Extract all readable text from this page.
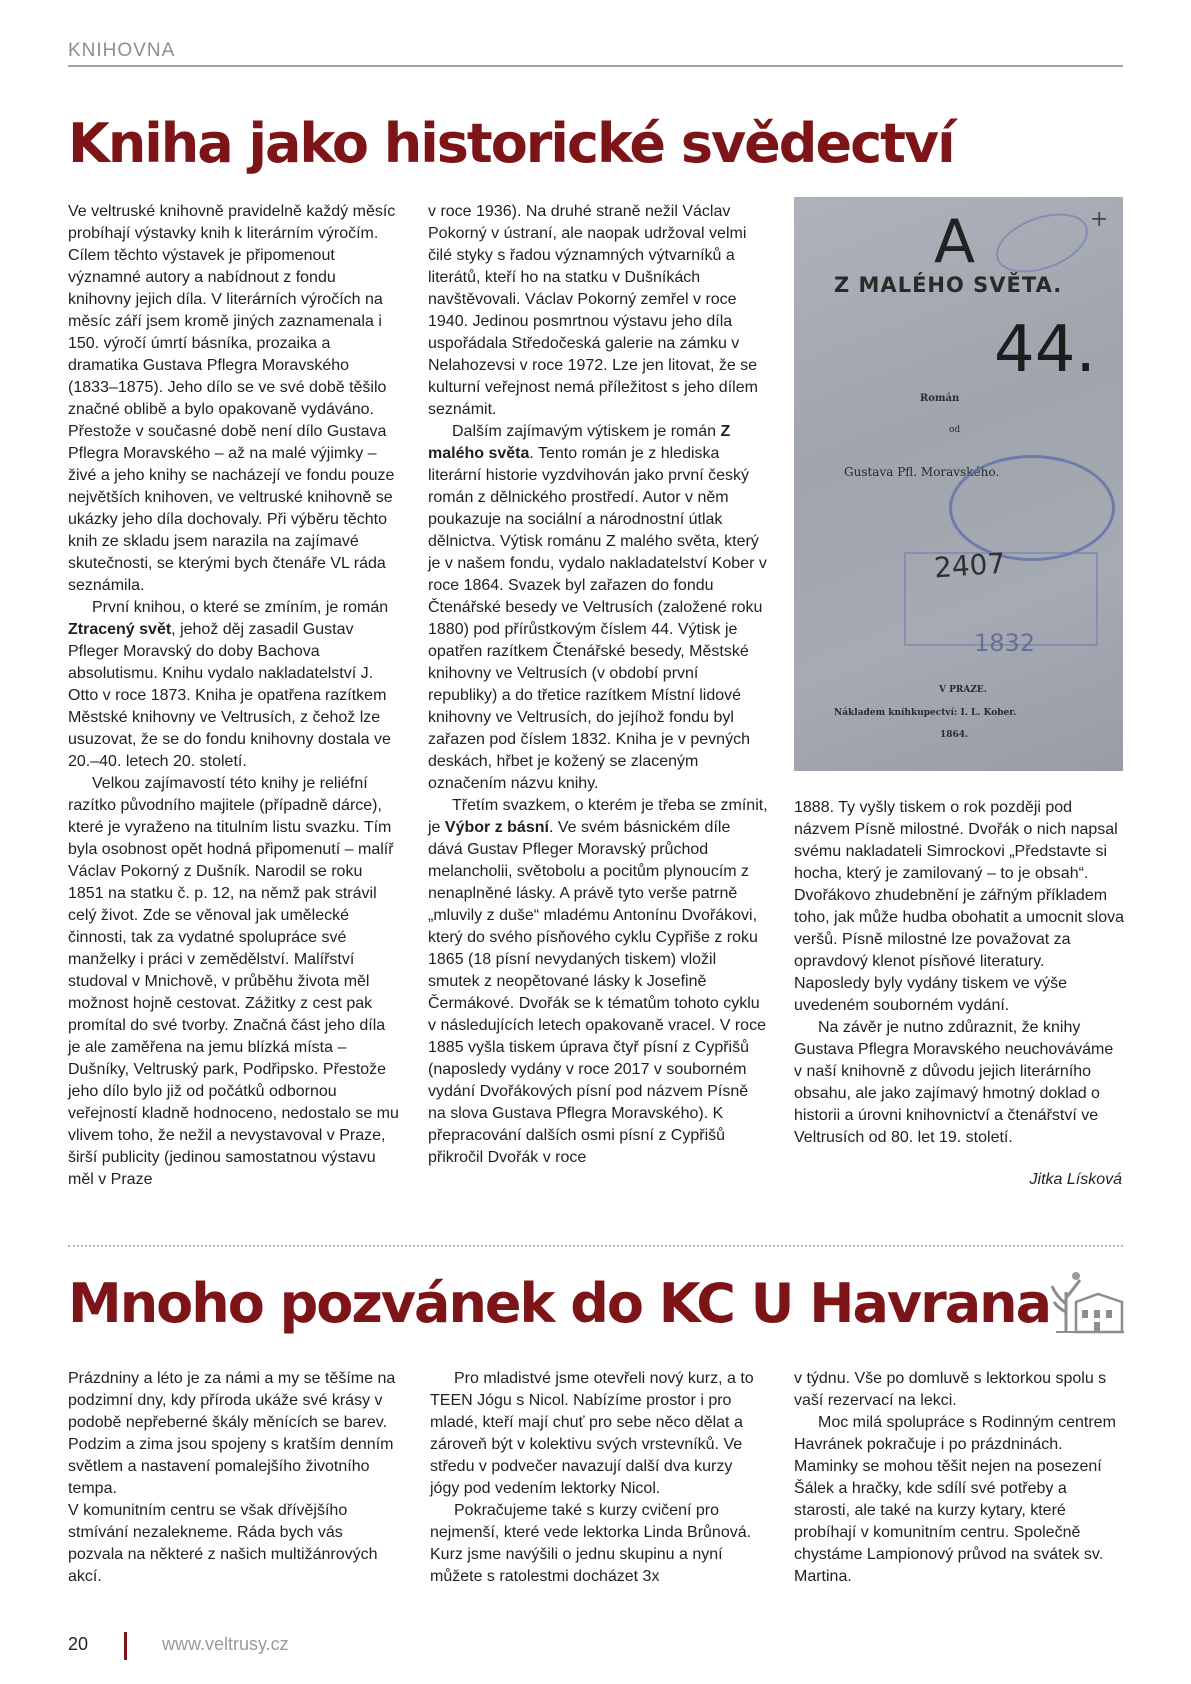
KNIHOVNA
Kniha jako historické svědectví

Ve veltruské knihovně pravidelně každý měsíc probíhají výstavky knih k literárním výročím. Cílem těchto výstavek je připomenout významné autory a nabídnout z fondu knihovny jejich díla. V literárních výročích na měsíc září jsem kromě jiných zaznamenala i 150. výročí úmrtí básníka, prozaika a dramatika Gustava Pflegra Moravského (1833–1875). Jeho dílo se ve své době těšilo značné oblibě a bylo opakovaně vydáváno. Přestože v současné době není dílo Gustava Pflegra Moravského – až na malé výjimky – živé a jeho knihy se nacházejí ve fondu pouze největších knihoven, ve veltruské knihovně se ukázky jeho díla dochovaly. Při výběru těchto knih ze skladu jsem narazila na zajímavé skutečnosti, se kterými bych čtenáře VL ráda seznámila.

První knihou, o které se zmíním, je román Ztracený svět, jehož děj zasadil Gustav Pfleger Moravský do doby Bachova absolutismu. Knihu vydalo nakladatelství J. Otto v roce 1873. Kniha je opatřena razítkem Městské knihovny ve Veltrusích, z čehož lze usuzovat, že se do fondu knihovny dostala ve 20.–40. letech 20. století.

Velkou zajímavostí této knihy je reliéfní razítko původního majitele (případně dárce), které je vyraženo na titulním listu svazku. Tím byla osobnost opět hodná připomenutí – malíř Václav Pokorný z Dušník. Narodil se roku 1851 na statku č. p. 12, na němž pak strávil celý život. Zde se věnoval jak umělecké činnosti, tak za vydatné spolupráce své manželky i práci v zemědělství. Malířství studoval v Mnichově, v průběhu života měl možnost hojně cestovat. Zážitky z cest pak promítal do své tvorby. Značná část jeho díla je ale zaměřena na jemu blízká místa – Dušníky, Veltruský park, Podřipsko. Přestože jeho dílo bylo již od počátků odbornou veřejností kladně hodnoceno, nedostalo se mu vlivem toho, že nežil a nevystavoval v Praze, širší publicity (jedinou samostatnou výstavu měl v Praze

v roce 1936). Na druhé straně nežil Václav Pokorný v ústraní, ale naopak udržoval velmi čilé styky s řadou významných výtvarníků a literátů, kteří ho na statku v Dušníkách navštěvovali. Václav Pokorný zemřel v roce 1940. Jedinou posmrtnou výstavu jeho díla uspořádala Středočeská galerie na zámku v Nelahozevsi v roce 1972. Lze jen litovat, že se kulturní veřejnost nemá příležitost s jeho dílem seznámit.

Dalším zajímavým výtiskem je román Z malého světa. Tento román je z hlediska literární historie vyzdvihován jako první český román z dělnického prostředí. Autor v něm poukazuje na sociální a národnostní útlak dělnictva. Výtisk románu Z malého světa, který je v našem fondu, vydalo nakladatelství Kober v roce 1864. Svazek byl zařazen do fondu Čtenářské besedy ve Veltrusích (založené roku 1880) pod přírůstkovým číslem 44. Výtisk je opatřen razítkem Čtenářské besedy, Městské knihovny ve Veltrusích (v období první republiky) a do třetice razítkem Místní lidové knihovny ve Veltrusích, do jejíhož fondu byl zařazen pod číslem 1832. Kniha je v pevných deskách, hřbet je kožený se zlaceným označením názvu knihy.

Třetím svazkem, o kterém je třeba se zmínit, je Výbor z básní. Ve svém básnickém díle dává Gustav Pfleger Moravský průchod melancholii, světobolu a pocitům plynoucím z nenaplněné lásky. A právě tyto verše patrně „mluvily z duše“ mladému Antonínu Dvořákovi, který do svého písňového cyklu Cypřiše z roku 1865 (18 písní nevydaných tiskem) vložil smutek z neopětované lásky k Josefině Čermákové. Dvořák se k tématům tohoto cyklu v následujících letech opakovaně vracel. V roce 1885 vyšla tiskem úprava čtyř písní z Cypřišů (naposledy vydány v roce 2017 v souborném vydání Dvořákových písní pod názvem Písně na slova Gustava Pflegra Moravského). K přepracování dalších osmi písní z Cypřišů přikročil Dvořák v roce

A	+
Z MALÉHO SVĚTA.
44.
Román
od
Gustava Pfl. Moravského.
2407
1832
V PRAZE.
Nákladem kníhkupectví: I. L. Kober.
1864.

1888. Ty vyšly tiskem o rok později pod názvem Písně milostné. Dvořák o nich napsal svému nakladateli Simrockovi „Představte si hocha, který je zamilovaný – to je obsah“. Dvořákovo zhudebnění je zářným příkladem toho, jak může hudba obohatit a umocnit slova veršů. Písně milostné lze považovat za opravdový klenot písňové literatury. Naposledy byly vydány tiskem ve výše uvedeném souborném vydání.

Na závěr je nutno zdůraznit, že knihy Gustava Pflegra Moravského neuchováváme v naší knihovně z důvodu jejich literárního obsahu, ale jako zajímavý hmotný doklad o historii a úrovni knihovnictví a čtenářství ve Veltrusích od 80. let 19. století.

Jitka Lísková
Mnoho pozvánek do KC U Havrana

Prázdniny a léto je za námi a my se těšíme na podzimní dny, kdy příroda ukáže své krásy v podobě nepřeberné škály měnících se barev. Podzim a zima jsou spojeny s kratším denním světlem a nastavení pomalejšího životního tempa.

V komunitním centru se však dřívějšího stmívání nezalekneme. Ráda bych vás pozvala na některé z našich multižánrových akcí.

Pro mladistvé jsme otevřeli nový kurz, a to TEEN Jógu s Nicol. Nabízíme prostor i pro mladé, kteří mají chuť pro sebe něco dělat a zároveň být v kolektivu svých vrstevníků. Ve středu v podvečer navazují další dva kurzy jógy pod vedením lektorky Nicol.

Pokračujeme také s kurzy cvičení pro nejmenší, které vede lektorka Linda Brůnová. Kurz jsme navýšili o jednu skupinu a nyní můžete s ratolestmi docházet 3x

v týdnu. Vše po domluvě s lektorkou spolu s vaší rezervací na lekci.

Moc milá spolupráce s Rodinným centrem Havránek pokračuje i po prázdninách. Maminky se mohou těšit nejen na posezení Šálek a hračky, kde sdílí své potřeby a starosti, ale také na kurzy kytary, které probíhají v komunitním centru. Společně chystáme Lampionový průvod na svátek sv. Martina.

20	www.veltrusy.cz
